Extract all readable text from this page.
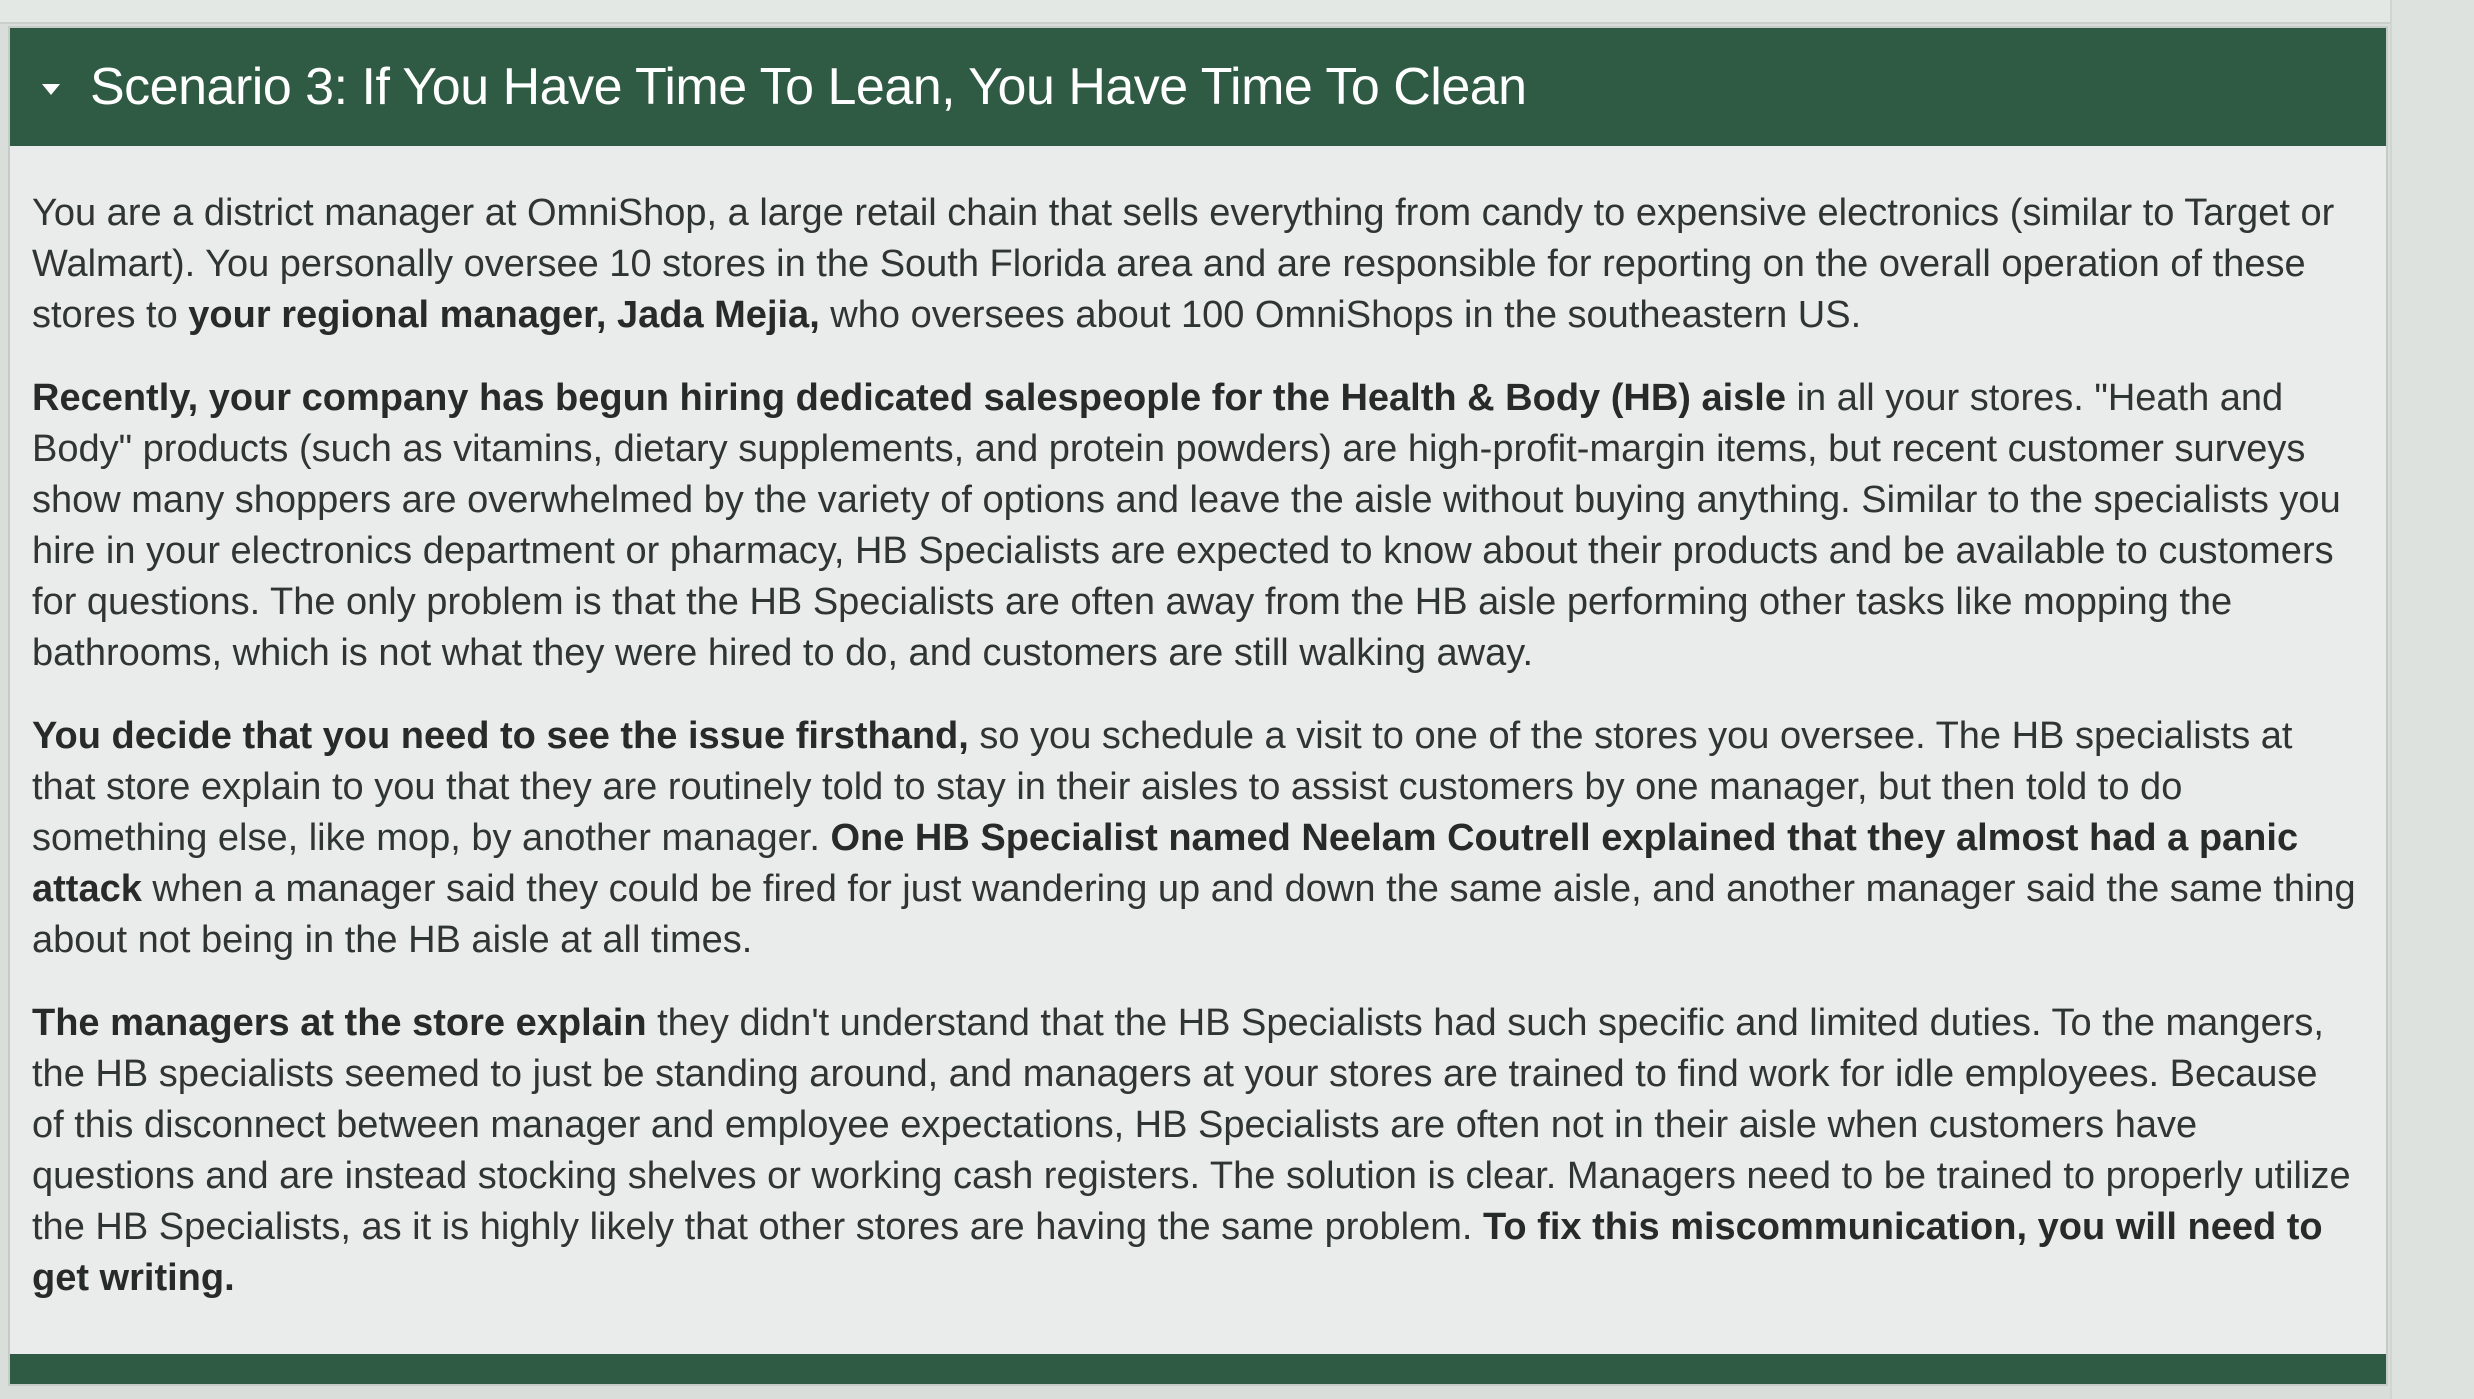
Scenario 3: If You Have Time To Lean, You Have Time To Clean

You are a district manager at OmniShop, a large retail chain that sells everything from candy to expensive electronics (similar to Target or Walmart). You personally oversee 10 stores in the South Florida area and are responsible for reporting on the overall operation of these stores to your regional manager, Jada Mejia, who oversees about 100 OmniShops in the southeastern US.

Recently, your company has begun hiring dedicated salespeople for the Health & Body (HB) aisle in all your stores. "Heath and Body" products (such as vitamins, dietary supplements, and protein powders) are high-profit-margin items, but recent customer surveys show many shoppers are overwhelmed by the variety of options and leave the aisle without buying anything. Similar to the specialists you hire in your electronics department or pharmacy, HB Specialists are expected to know about their products and be available to customers for questions. The only problem is that the HB Specialists are often away from the HB aisle performing other tasks like mopping the bathrooms, which is not what they were hired to do, and customers are still walking away.

You decide that you need to see the issue firsthand, so you schedule a visit to one of the stores you oversee. The HB specialists at that store explain to you that they are routinely told to stay in their aisles to assist customers by one manager, but then told to do something else, like mop, by another manager. One HB Specialist named Neelam Coutrell explained that they almost had a panic attack when a manager said they could be fired for just wandering up and down the same aisle, and another manager said the same thing about not being in the HB aisle at all times.

The managers at the store explain they didn't understand that the HB Specialists had such specific and limited duties. To the mangers, the HB specialists seemed to just be standing around, and managers at your stores are trained to find work for idle employees. Because of this disconnect between manager and employee expectations, HB Specialists are often not in their aisle when customers have questions and are instead stocking shelves or working cash registers. The solution is clear. Managers need to be trained to properly utilize the HB Specialists, as it is highly likely that other stores are having the same problem. To fix this miscommunication, you will need to get writing.
